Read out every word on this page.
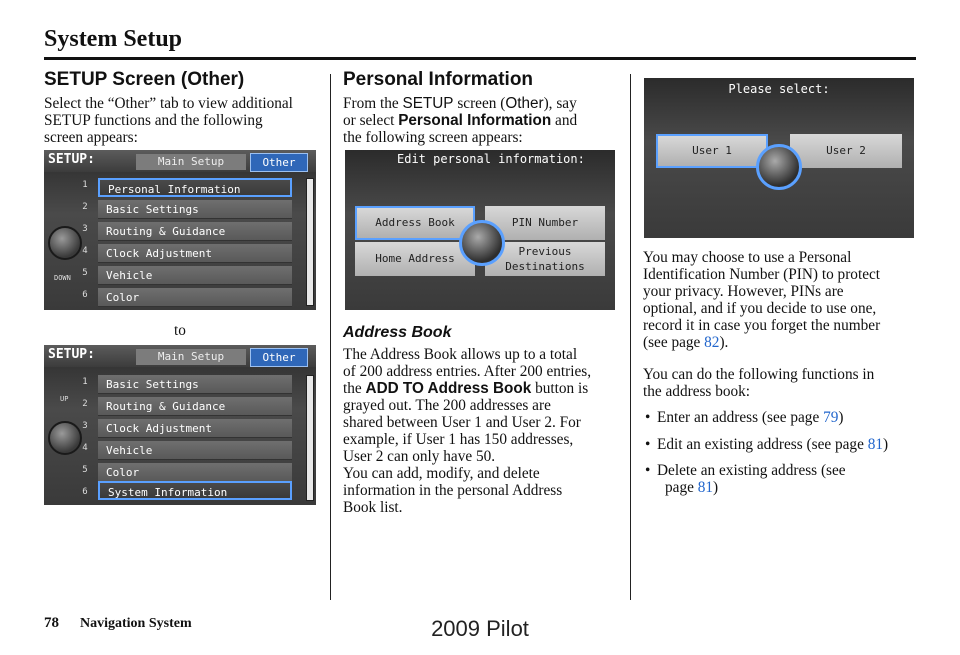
System Setup
SETUP Screen (Other)
Select the “Other” tab to view additional
SETUP functions and the following
screen appears:
SETUP:	Main Setup	Other
1
2
3
4
5
6
Personal Information
Basic Settings
Routing & Guidance
Clock Adjustment
Vehicle
Color
DOWN
to
SETUP:	Main Setup	Other
1
2
3
4
5
6
Basic Settings
Routing & Guidance
Clock Adjustment
Vehicle
Color
System Information
UP
Personal Information
From the SETUP screen (Other), say
or select Personal Information and
the following screen appears:
Edit personal information:
Address Book	PIN Number
Home Address
Previous
Destinations
Address Book
The Address Book allows up to a total
of 200 address entries. After 200 entries,
the ADD TO Address Book button is
grayed out. The 200 addresses are
shared between User 1 and User 2. For
example, if User 1 has 150 addresses,
User 2 can only have 50.
You can add, modify, and delete
information in the personal Address
Book list.
Please select:
User 1	User 2
You may choose to use a Personal
Identification Number (PIN) to protect
your privacy. However, PINs are
optional, and if you decide to use one,
record it in case you forget the number
(see page 82).
You can do the following functions in
the address book:
• Enter an address (see page 79)
• Edit an existing address (see page 81)
• Delete an existing address (see
page 81)
78 Navigation System	2009 Pilot
